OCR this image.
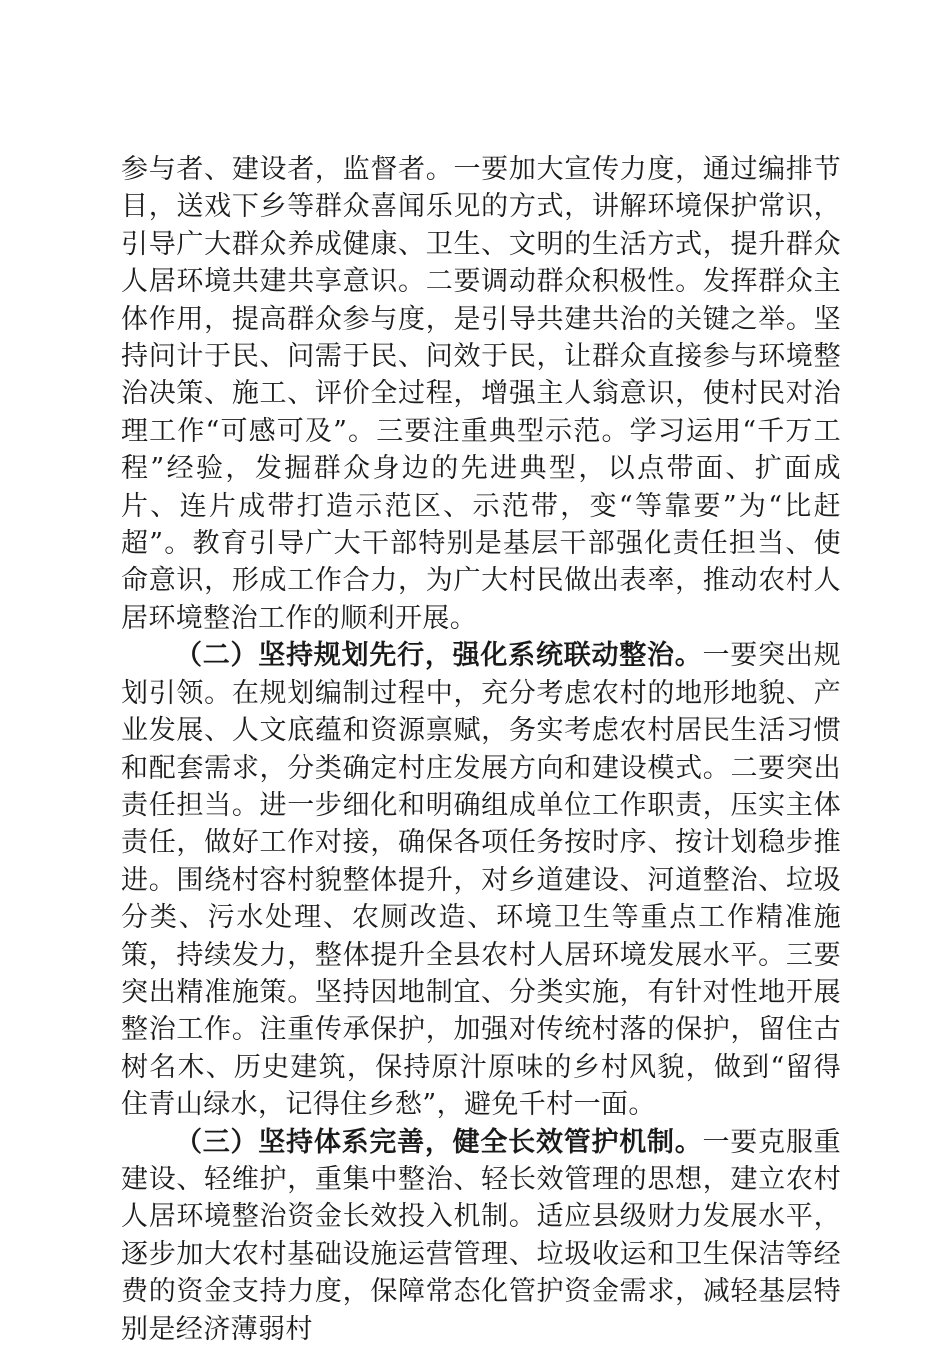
参与者、建设者，监督者。一要加大宣传力度，通过编排节目，送戏下乡等群众喜闻乐见的方式，讲解环境保护常识，引导广大群众养成健康、卫生、文明的生活方式，提升群众人居环境共建共享意识。二要调动群众积极性。发挥群众主体作用，提高群众参与度，是引导共建共治的关键之举。坚持问计于民、问需于民、问效于民，让群众直接参与环境整治决策、施工、评价全过程，增强主人翁意识，使村民对治理工作“可感可及”。三要注重典型示范。学习运用“千万工程”经验，发掘群众身边的先进典型，以点带面、扩面成片、连片成带打造示范区、示范带，变“等靠要”为“比赶超”。教育引导广大干部特别是基层干部强化责任担当、使命意识，形成工作合力，为广大村民做出表率，推动农村人居环境整治工作的顺利开展。

（二）坚持规划先行，强化系统联动整治。一要突出规划引领。在规划编制过程中，充分考虑农村的地形地貌、产业发展、人文底蕴和资源禀赋，务实考虑农村居民生活习惯和配套需求，分类确定村庄发展方向和建设模式。二要突出责任担当。进一步细化和明确组成单位工作职责，压实主体责任，做好工作对接，确保各项任务按时序、按计划稳步推进。围绕村容村貌整体提升，对乡道建设、河道整治、垃圾分类、污水处理、农厕改造、环境卫生等重点工作精准施策，持续发力，整体提升全县农村人居环境发展水平。三要突出精准施策。坚持因地制宜、分类实施，有针对性地开展整治工作。注重传承保护，加强对传统村落的保护，留住古树名木、历史建筑，保持原汁原味的乡村风貌，做到“留得住青山绿水，记得住乡愁”，避免千村一面。

（三）坚持体系完善，健全长效管护机制。一要克服重建设、轻维护，重集中整治、轻长效管理的思想，建立农村人居环境整治资金长效投入机制。适应县级财力发展水平，逐步加大农村基础设施运营管理、垃圾收运和卫生保洁等经费的资金支持力度，保障常态化管护资金需求，减轻基层特别是经济薄弱村
